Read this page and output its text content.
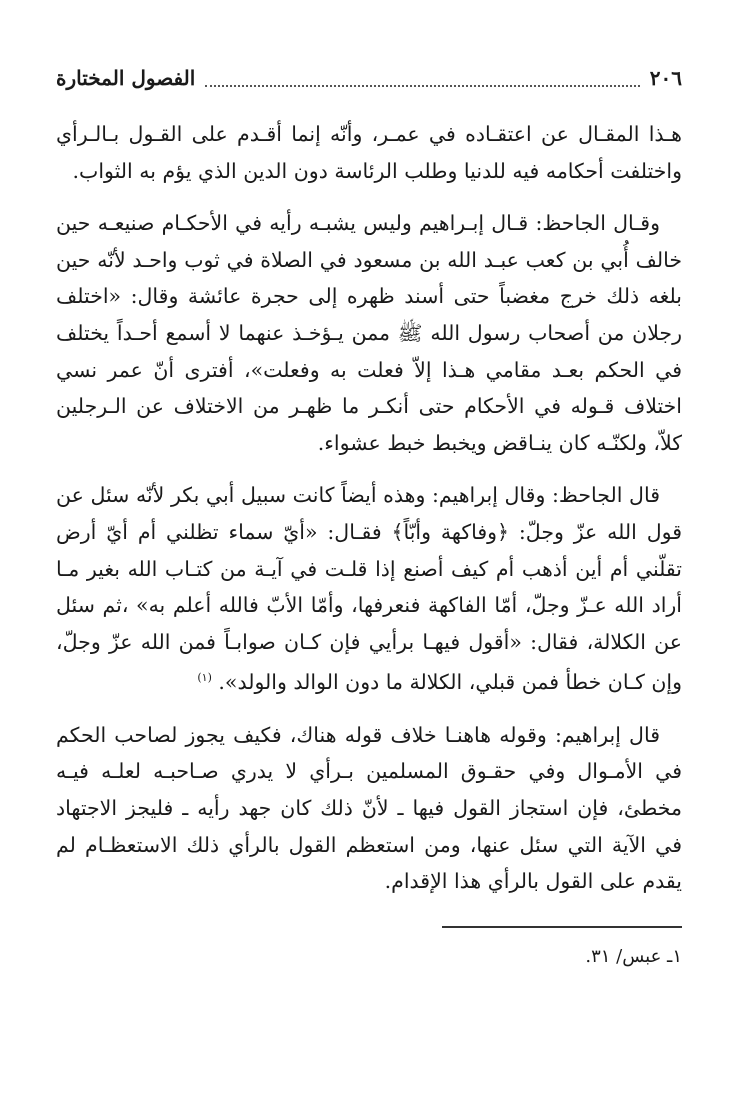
٢٠٦
الفصول المختارة

هـذا المقـال عن اعتقـاده في عمـر، وأنّه إنما أقـدم على القـول بـالـرأي واختلفت أحكامه فيه للدنيا وطلب الرئاسة دون الدين الذي يؤم به الثواب.

وقـال الجاحظ: قـال إبـراهيم وليس يشبـه رأيه في الأحكـام صنيعـه حين خالف أُبي بن كعب عبـد الله بن مسعود في الصلاة في ثوب واحـد لأنّه حين بلغه ذلك خرج مغضباً حتى أسند ظهره إلى حجرة عائشة وقال: «اختلف رجلان من أصحاب رسول الله ﷺ ممن يـؤخـذ عنهما لا أسمع أحـداً يختلف في الحكم بعـد مقامي هـذا إلاّ فعلت به وفعلت»، أفترى أنّ عمر نسي اختلاف قـوله في الأحكام حتى أنكـر ما ظهـر من الاختلاف عن الـرجلين كلاّ، ولكنّـه كان ينـاقض ويخبط خبط عشواء.

قال الجاحظ: وقال إبراهيم: وهذه أيضاً كانت سبيل أبي بكر لأنّه سئل عن قول الله عزّ وجلّ: ﴿وفاكهة وأبّاً﴾ فقـال: «أيّ سماء تظلني أم أيّ أرض تقلّني أم أين أذهب أم كيف أصنع إذا قلـت في آيـة من كتـاب الله بغير مـا أراد الله عـزّ وجلّ، أمّا الفاكهة فنعرفها، وأمّا الأبّ فالله أعلم به» ،ثم سئل عن الكلالة، فقال: «أقول فيهـا برأيي فإن كـان صوابـاً فمن الله عزّ وجلّ، وإن كـان خطأ فمن قبلي، الكلالة ما دون الوالد والولد». $^{(١)}$

قال إبراهيم: وقوله هاهنـا خلاف قوله هناك، فكيف يجوز لصاحب الحكم في الأمـوال وفي حقـوق المسلمين بـرأي لا يدري صـاحبـه لعلـه فيـه مخطئ، فإن استجاز القول فيها ـ لأنّ ذلك كان جهد رأيه ـ فليجز الاجتهاد في الآية التي سئل عنها، ومن استعظم القول بالرأي ذلك الاستعظـام لم يقدم على القول بالرأي هذا الإقدام.

١ـ عبس/ ٣١.
